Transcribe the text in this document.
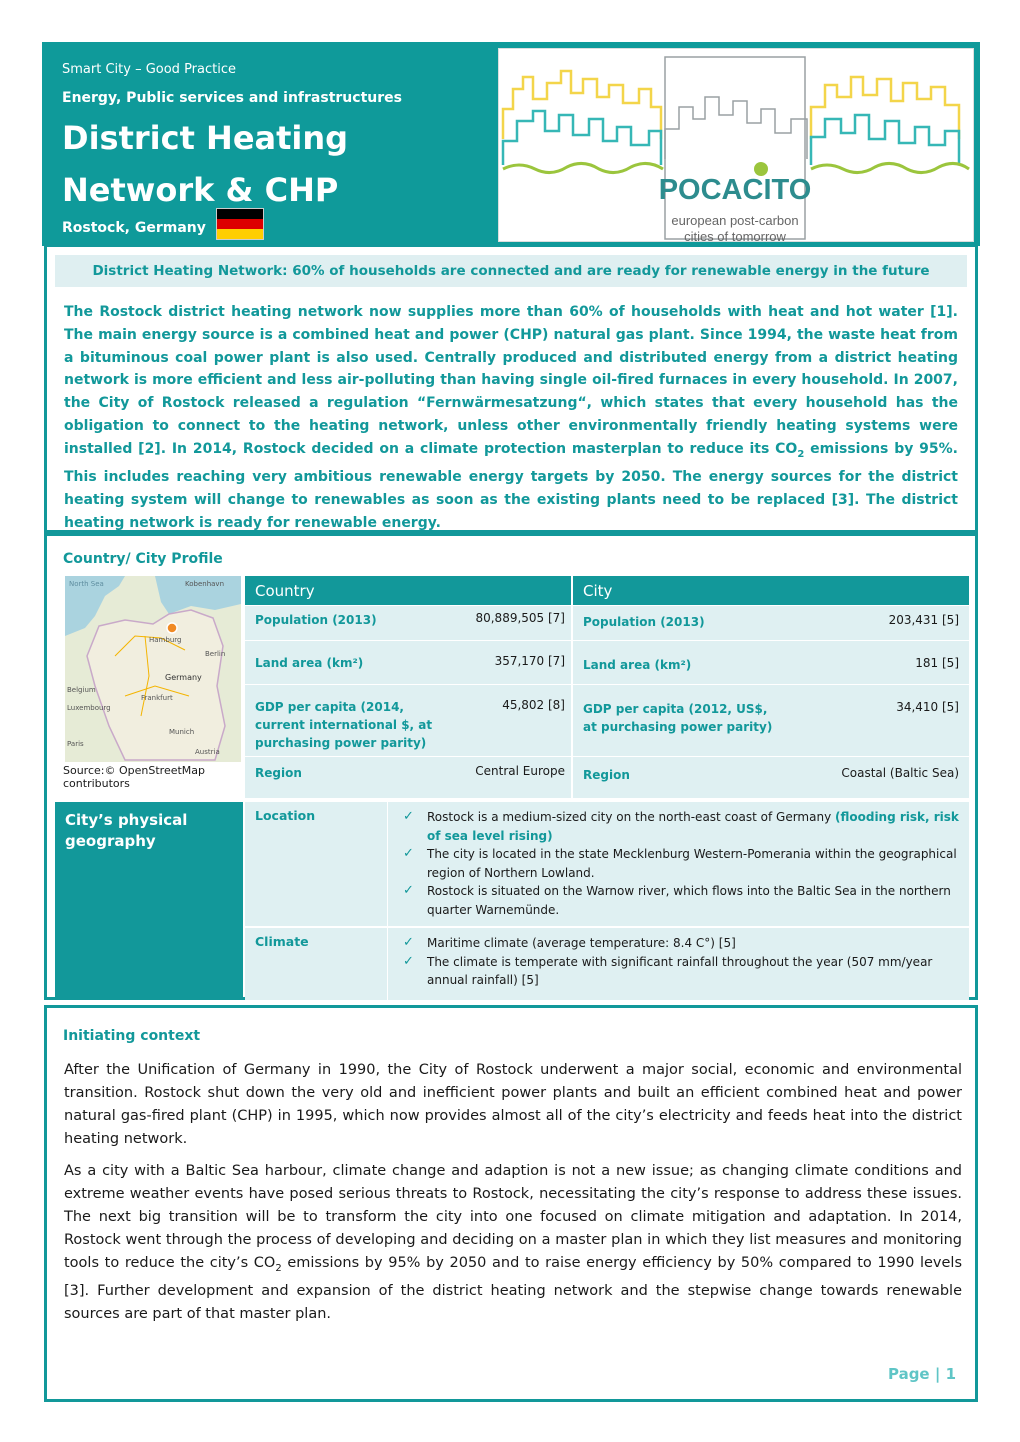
Smart City – Good Practice
Energy, Public services and infrastructures
District Heating Network & CHP
Rostock, Germany
POCACITO
european post-carbon
cities of tomorrow
District Heating Network: 60% of households are connected and are ready for renewable energy in the future
The Rostock district heating network now supplies more than 60% of households with heat and hot water [1]. The main energy source is a combined heat and power (CHP) natural gas plant. Since 1994, the waste heat from a bituminous coal power plant is also used. Centrally produced and distributed energy from a district heating network is more efficient and less air-polluting than having single oil-fired furnaces in every household. In 2007, the City of Rostock released a regulation “Fernwärmesatzung“, which states that every household has the obligation to connect to the heating network, unless other environmentally friendly heating systems were installed [2]. In 2014, Rostock decided on a climate protection masterplan to reduce its $CO_2$ emissions by 95%. This includes reaching very ambitious renewable energy targets by 2050. The energy sources for the district heating system will change to renewables as soon as the existing plants need to be replaced [3]. The district heating network is ready for renewable energy.
Country/ City Profile
North Sea	Kobenhavn
Hamburg
Berlin
Germany
Frankfurt
Belgium
Luxembourg
Munich
Paris
Austria
Source:© OpenStreetMap contributors
Country	City
Population (2013)	80,889,505 [7]
Land area (km²)	357,170 [7]
GDP per capita (2014, current international $, at purchasing power parity)
45,802 [8]
Region	Central Europe
Population (2013)	203,431 [5]
Land area (km²)	181 [5]
GDP per capita (2012, US$, at purchasing power parity)
34,410 [5]
Region	Coastal (Baltic Sea)
City’s physical geography
Location	✓ Rostock is a medium-sized city on the north-east coast of Germany (flooding risk, risk of sea level rising)
✓ The city is located in the state Mecklenburg Western-Pomerania within the geographical region of Northern Lowland.
✓ Rostock is situated on the Warnow river, which flows into the Baltic Sea in the northern quarter Warnemünde.
Climate	✓ Maritime climate (average temperature: 8.4 C°) [5]
✓ The climate is temperate with significant rainfall throughout the year (507 mm/year annual rainfall) [5]
Initiating context
After the Unification of Germany in 1990, the City of Rostock underwent a major social, economic and environmental transition. Rostock shut down the very old and inefficient power plants and built an efficient combined heat and power natural gas-fired plant (CHP) in 1995, which now provides almost all of the city’s electricity and feeds heat into the district heating network.
As a city with a Baltic Sea harbour, climate change and adaption is not a new issue; as changing climate conditions and extreme weather events have posed serious threats to Rostock, necessitating the city’s response to address these issues. The next big transition will be to transform the city into one focused on climate mitigation and adaptation. In 2014, Rostock went through the process of developing and deciding on a master plan in which they list measures and monitoring tools to reduce the city’s $CO_2$ emissions by 95% by 2050 and to raise energy efficiency by 50% compared to 1990 levels [3]. Further development and expansion of the district heating network and the stepwise change towards renewable sources are part of that master plan.
Page | 1
